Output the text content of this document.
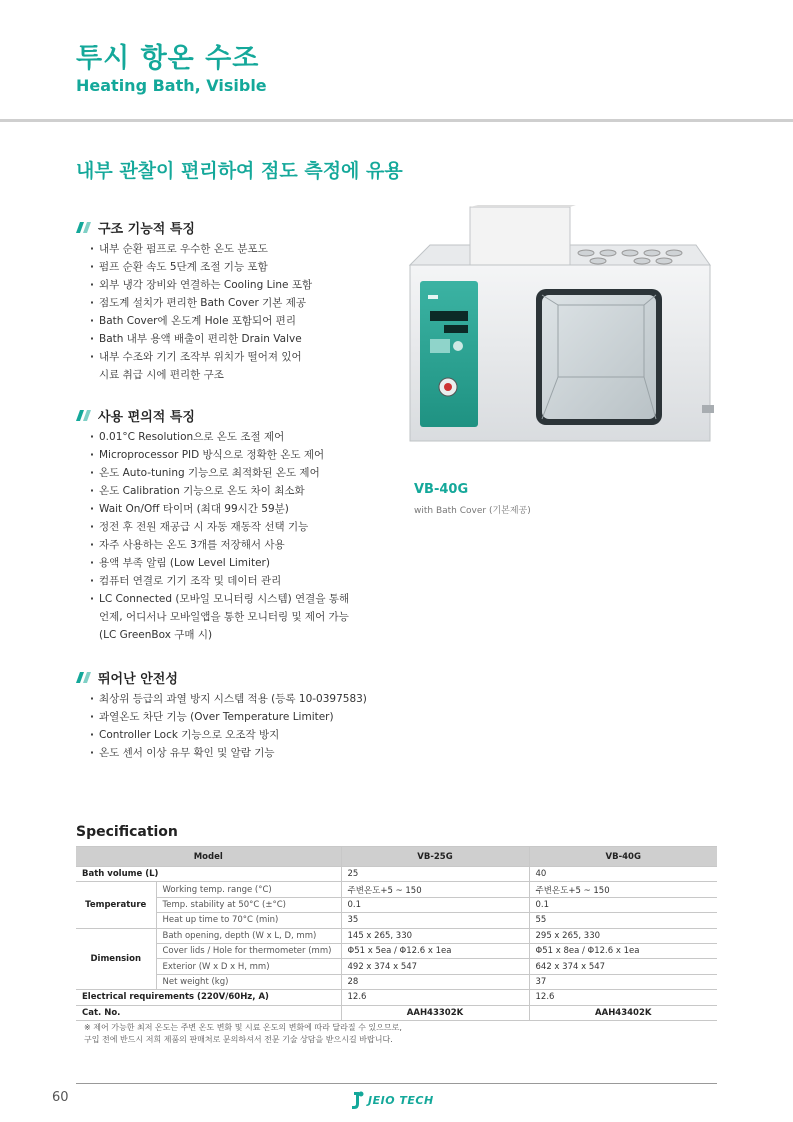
투시 항온 수조
Heating Bath, Visible
내부 관찰이 편리하여 점도 측정에 유용
구조 기능적 특징
· 내부 순환 펌프로 우수한 온도 분포도
· 펌프 순환 속도 5단계 조절 기능 포함
· 외부 냉각 장비와 연결하는 Cooling Line 포함
· 점도계 설치가 편리한 Bath Cover 기본 제공
· Bath Cover에 온도계 Hole 포함되어 편리
· Bath 내부 용액 배출이 편리한 Drain Valve
· 내부 수조와 기기 조작부 위치가 떨어져 있어
시료 취급 시에 편리한 구조
사용 편의적 특징
· 0.01°C Resolution으로 온도 조절 제어
· Microprocessor PID 방식으로 정확한 온도 제어
· 온도 Auto-tuning 기능으로 최적화된 온도 제어
· 온도 Calibration 기능으로 온도 차이 최소화
· Wait On/Off 타이머 (최대 99시간 59분)
· 정전 후 전원 재공급 시 자동 재동작 선택 기능
· 자주 사용하는 온도 3개를 저장해서 사용
· 용액 부족 알림 (Low Level Limiter)
· 컴퓨터 연결로 기기 조작 및 데이터 관리
· LC Connected (모바일 모니터링 시스템) 연결을 통해
언제, 어디서나 모바일앱을 통한 모니터링 및 제어 가능
(LC GreenBox 구매 시)
뛰어난 안전성
· 최상위 등급의 과열 방지 시스템 적용 (등록 10-0397583)
· 과열온도 차단 기능 (Over Temperature Limiter)
· Controller Lock 기능으로 오조작 방지
· 온도 센서 이상 유무 확인 및 알람 기능
VB-40G
with Bath Cover (기본제공)
Specification
Model		VB-25G	VB-40G
Bath volume (L)		25	40
Temperature	Working temp. range (°C)	주변온도+5 ~ 150	주변온도+5 ~ 150
	Temp. stability at 50°C (±°C)	0.1	0.1
	Heat up time to 70°C (min)	35	55
Dimension	Bath opening, depth (W x L, D, mm)	145 x 265, 330	295 x 265, 330
	Cover lids / Hole for thermometer (mm)	Φ51 x 5ea / Φ12.6 x 1ea	Φ51 x 8ea / Φ12.6 x 1ea
	Exterior (W x D x H, mm)	492 x 374 x 547	642 x 374 x 547
	Net weight (kg)	28	37
Electrical requirements (220V/60Hz, A)		12.6	12.6
Cat. No.		AAH43302K	AAH43402K
※ 제어 가능한 최저 온도는 주변 온도 변화 및 시료 온도의 변화에 따라 달라질 수 있으므로,
구입 전에 반드시 저희 제품의 판매처로 문의하셔서 전문 기술 상담을 받으시길 바랍니다.
60	JEIO TECH
